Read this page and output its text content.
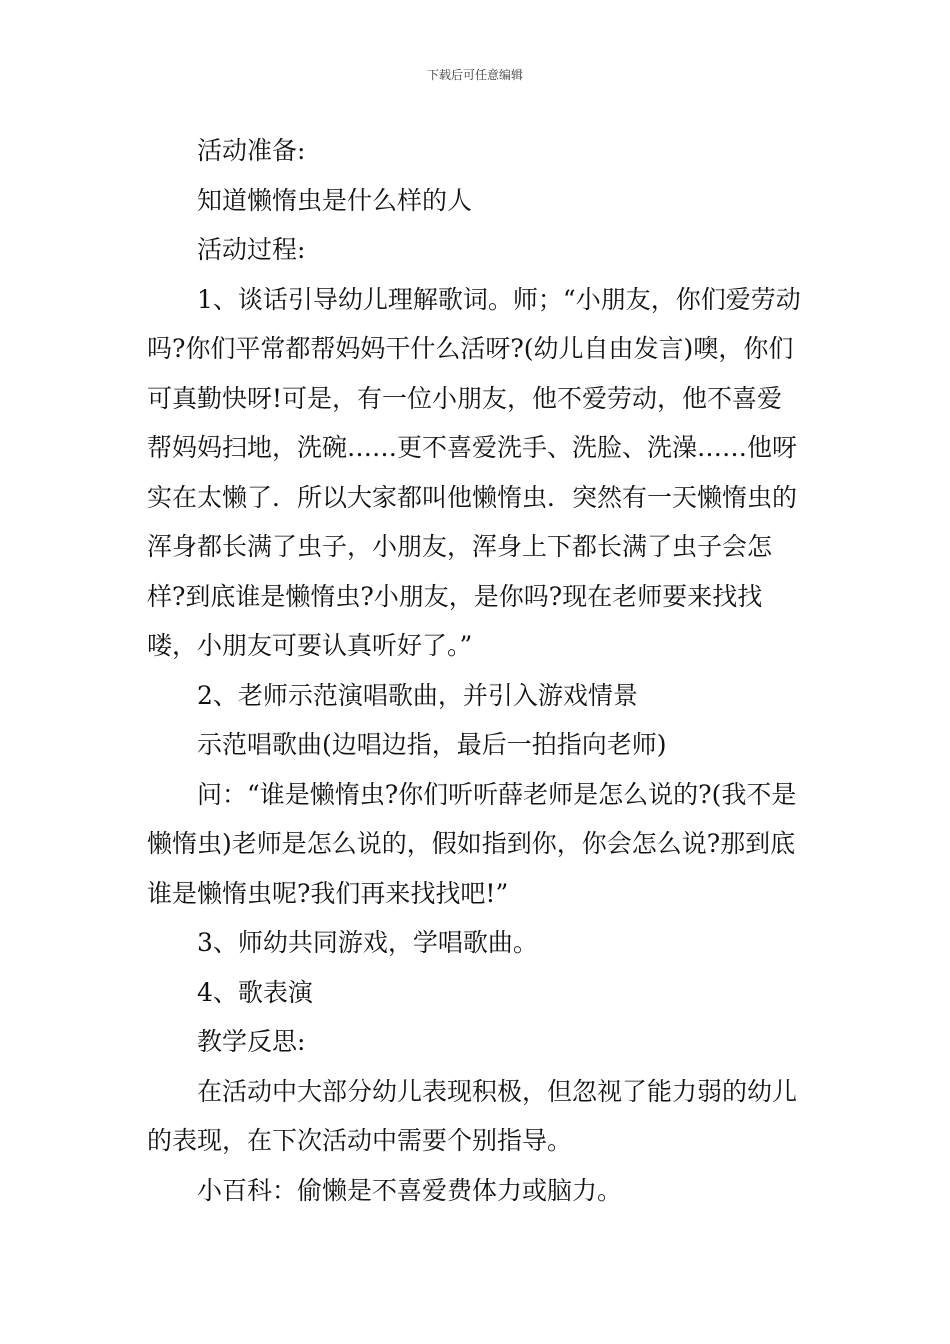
下载后可任意编辑

活动准备:

知道懒惰虫是什么样的人

活动过程:

1、谈话引导幼儿理解歌词。师；“小朋友，你们爱劳动吗?你们平常都帮妈妈干什么活呀?(幼儿自由发言)噢，你们可真勤快呀!可是，有一位小朋友，他不爱劳动，他不喜爱帮妈妈扫地，洗碗……更不喜爱洗手、洗脸、洗澡……他呀实在太懒了．所以大家都叫他懒惰虫．突然有一天懒惰虫的浑身都长满了虫子，小朋友，浑身上下都长满了虫子会怎样?到底谁是懒惰虫?小朋友，是你吗?现在老师要来找找喽，小朋友可要认真听好了。”

2、老师示范演唱歌曲，并引入游戏情景

示范唱歌曲(边唱边指，最后一拍指向老师)

问：“谁是懒惰虫?你们听听薛老师是怎么说的?(我不是懒惰虫)老师是怎么说的，假如指到你，你会怎么说?那到底谁是懒惰虫呢?我们再来找找吧!”

3、师幼共同游戏，学唱歌曲。

4、歌表演

教学反思:

在活动中大部分幼儿表现积极，但忽视了能力弱的幼儿的表现，在下次活动中需要个别指导。

小百科：偷懒是不喜爱费体力或脑力。
